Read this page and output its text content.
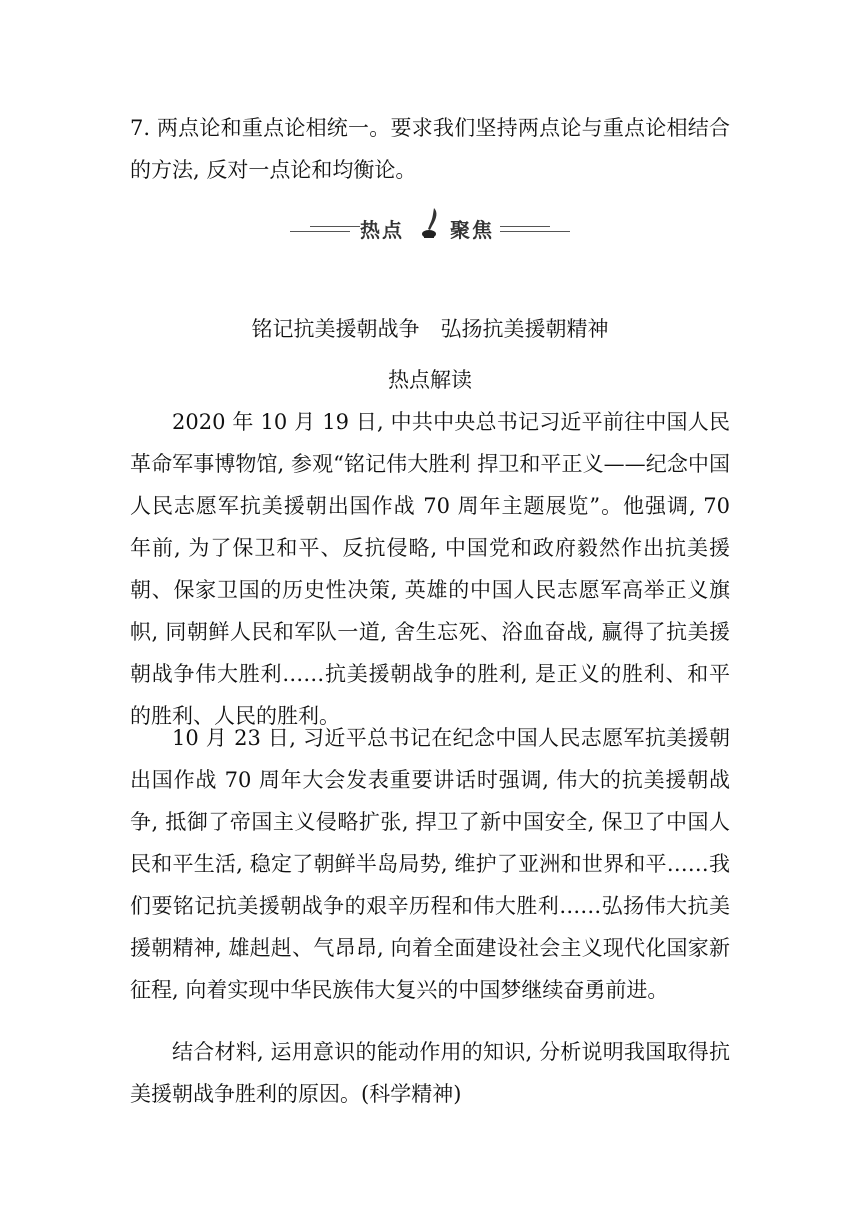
7. 两点论和重点论相统一。要求我们坚持两点论与重点论相结合的方法, 反对一点论和均衡论。

热点 聚焦

铭记抗美援朝战争　弘扬抗美援朝精神

热点解读

2020 年 10 月 19 日, 中共中央总书记习近平前往中国人民革命军事博物馆, 参观“铭记伟大胜利 捍卫和平正义——纪念中国人民志愿军抗美援朝出国作战 70 周年主题展览”。他强调, 70 年前, 为了保卫和平、反抗侵略, 中国党和政府毅然作出抗美援朝、保家卫国的历史性决策, 英雄的中国人民志愿军高举正义旗帜, 同朝鲜人民和军队一道, 舍生忘死、浴血奋战, 赢得了抗美援朝战争伟大胜利……抗美援朝战争的胜利, 是正义的胜利、和平的胜利、人民的胜利。

10 月 23 日, 习近平总书记在纪念中国人民志愿军抗美援朝出国作战 70 周年大会发表重要讲话时强调, 伟大的抗美援朝战争, 抵御了帝国主义侵略扩张, 捍卫了新中国安全, 保卫了中国人民和平生活, 稳定了朝鲜半岛局势, 维护了亚洲和世界和平……我们要铭记抗美援朝战争的艰辛历程和伟大胜利……弘扬伟大抗美援朝精神, 雄赳赳、气昂昂, 向着全面建设社会主义现代化国家新征程, 向着实现中华民族伟大复兴的中国梦继续奋勇前进。

结合材料, 运用意识的能动作用的知识, 分析说明我国取得抗美援朝战争胜利的原因。(科学精神)
